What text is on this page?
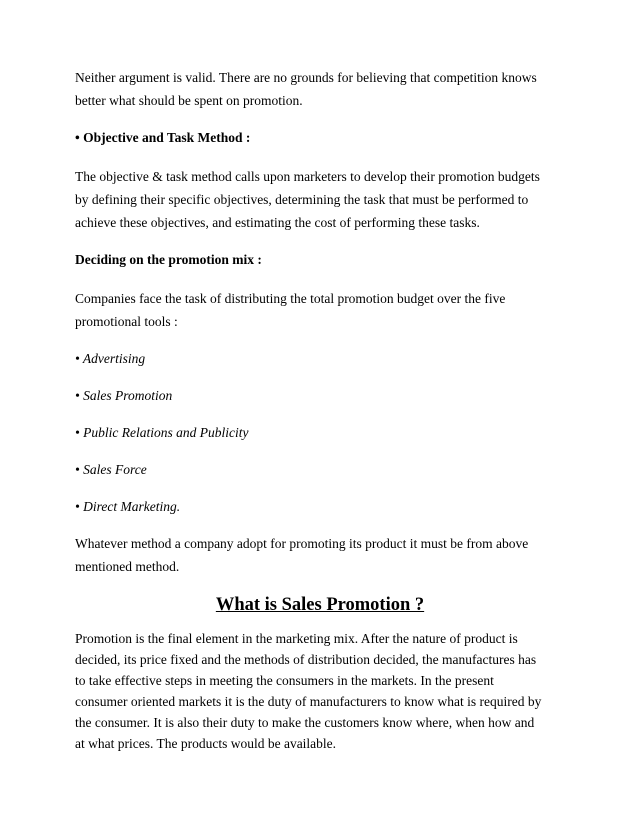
Neither argument is valid. There are no grounds for believing that competition knows

better what should be spent on promotion.

• Objective and Task Method :

The objective & task method calls upon marketers to develop their promotion budgets

by defining their specific objectives, determining the task that must be performed to

achieve these objectives, and estimating the cost of performing these tasks.

Deciding on the promotion mix :

Companies face the task of distributing the total promotion budget over the five

promotional tools :

• Advertising

• Sales Promotion

• Public Relations and Publicity

• Sales Force

• Direct Marketing.

Whatever method a company adopt for promoting its product it must be from above

mentioned method.

What is Sales Promotion ?

Promotion is the final element in the marketing mix. After the nature of product is

decided, its price fixed and the methods of distribution decided, the manufactures has

to take effective steps in meeting the consumers in the markets. In the present

consumer oriented markets it is the duty of manufacturers to know what is required by

the consumer. It is also their duty to make the customers know where, when how and

at what prices. The products would be available.
